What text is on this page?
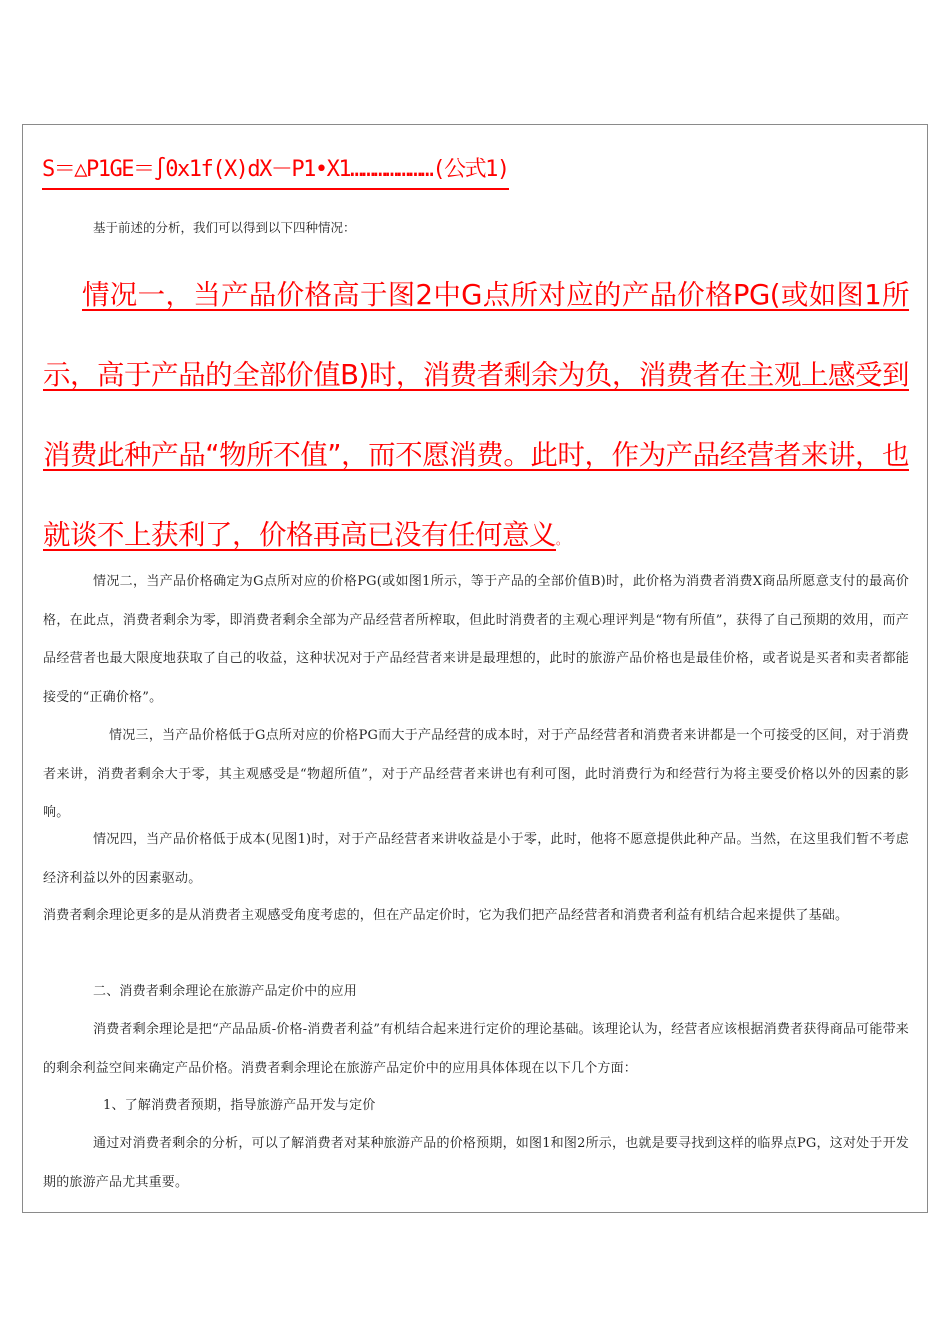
S＝△P1GE＝∫0x1f(X)dX－P1•X1…………………(公式1)

基于前述的分析，我们可以得到以下四种情况：

情况一，当产品价格高于图2中G点所对应的产品价格PG(或如图1所示，高于产品的全部价值B)时，消费者剩余为负，消费者在主观上感受到消费此种产品“物所不值”，而不愿消费。此时，作为产品经营者来讲，也就谈不上获利了，价格再高已没有任何意义。

情况二，当产品价格确定为G点所对应的价格PG(或如图1所示，等于产品的全部价值B)时，此价格为消费者消费X商品所愿意支付的最高价格，在此点，消费者剩余为零，即消费者剩余全部为产品经营者所榨取，但此时消费者的主观心理评判是“物有所值”，获得了自己预期的效用，而产品经营者也最大限度地获取了自己的收益，这种状况对于产品经营者来讲是最理想的，此时的旅游产品价格也是最佳价格，或者说是买者和卖者都能接受的“正确价格”。

情况三，当产品价格低于G点所对应的价格PG而大于产品经营的成本时，对于产品经营者和消费者来讲都是一个可接受的区间，对于消费者来讲，消费者剩余大于零，其主观感受是“物超所值”，对于产品经营者来讲也有利可图，此时消费行为和经营行为将主要受价格以外的因素的影响。

情况四，当产品价格低于成本(见图1)时，对于产品经营者来讲收益是小于零，此时，他将不愿意提供此种产品。当然，在这里我们暂不考虑经济利益以外的因素驱动。

消费者剩余理论更多的是从消费者主观感受角度考虑的，但在产品定价时，它为我们把产品经营者和消费者利益有机结合起来提供了基础。

二、消费者剩余理论在旅游产品定价中的应用

消费者剩余理论是把“产品品质-价格-消费者利益”有机结合起来进行定价的理论基础。该理论认为，经营者应该根据消费者获得商品可能带来的剩余利益空间来确定产品价格。消费者剩余理论在旅游产品定价中的应用具体体现在以下几个方面：

1、了解消费者预期，指导旅游产品开发与定价

通过对消费者剩余的分析，可以了解消费者对某种旅游产品的价格预期，如图1和图2所示，也就是要寻找到这样的临界点PG，这对处于开发期的旅游产品尤其重要。
